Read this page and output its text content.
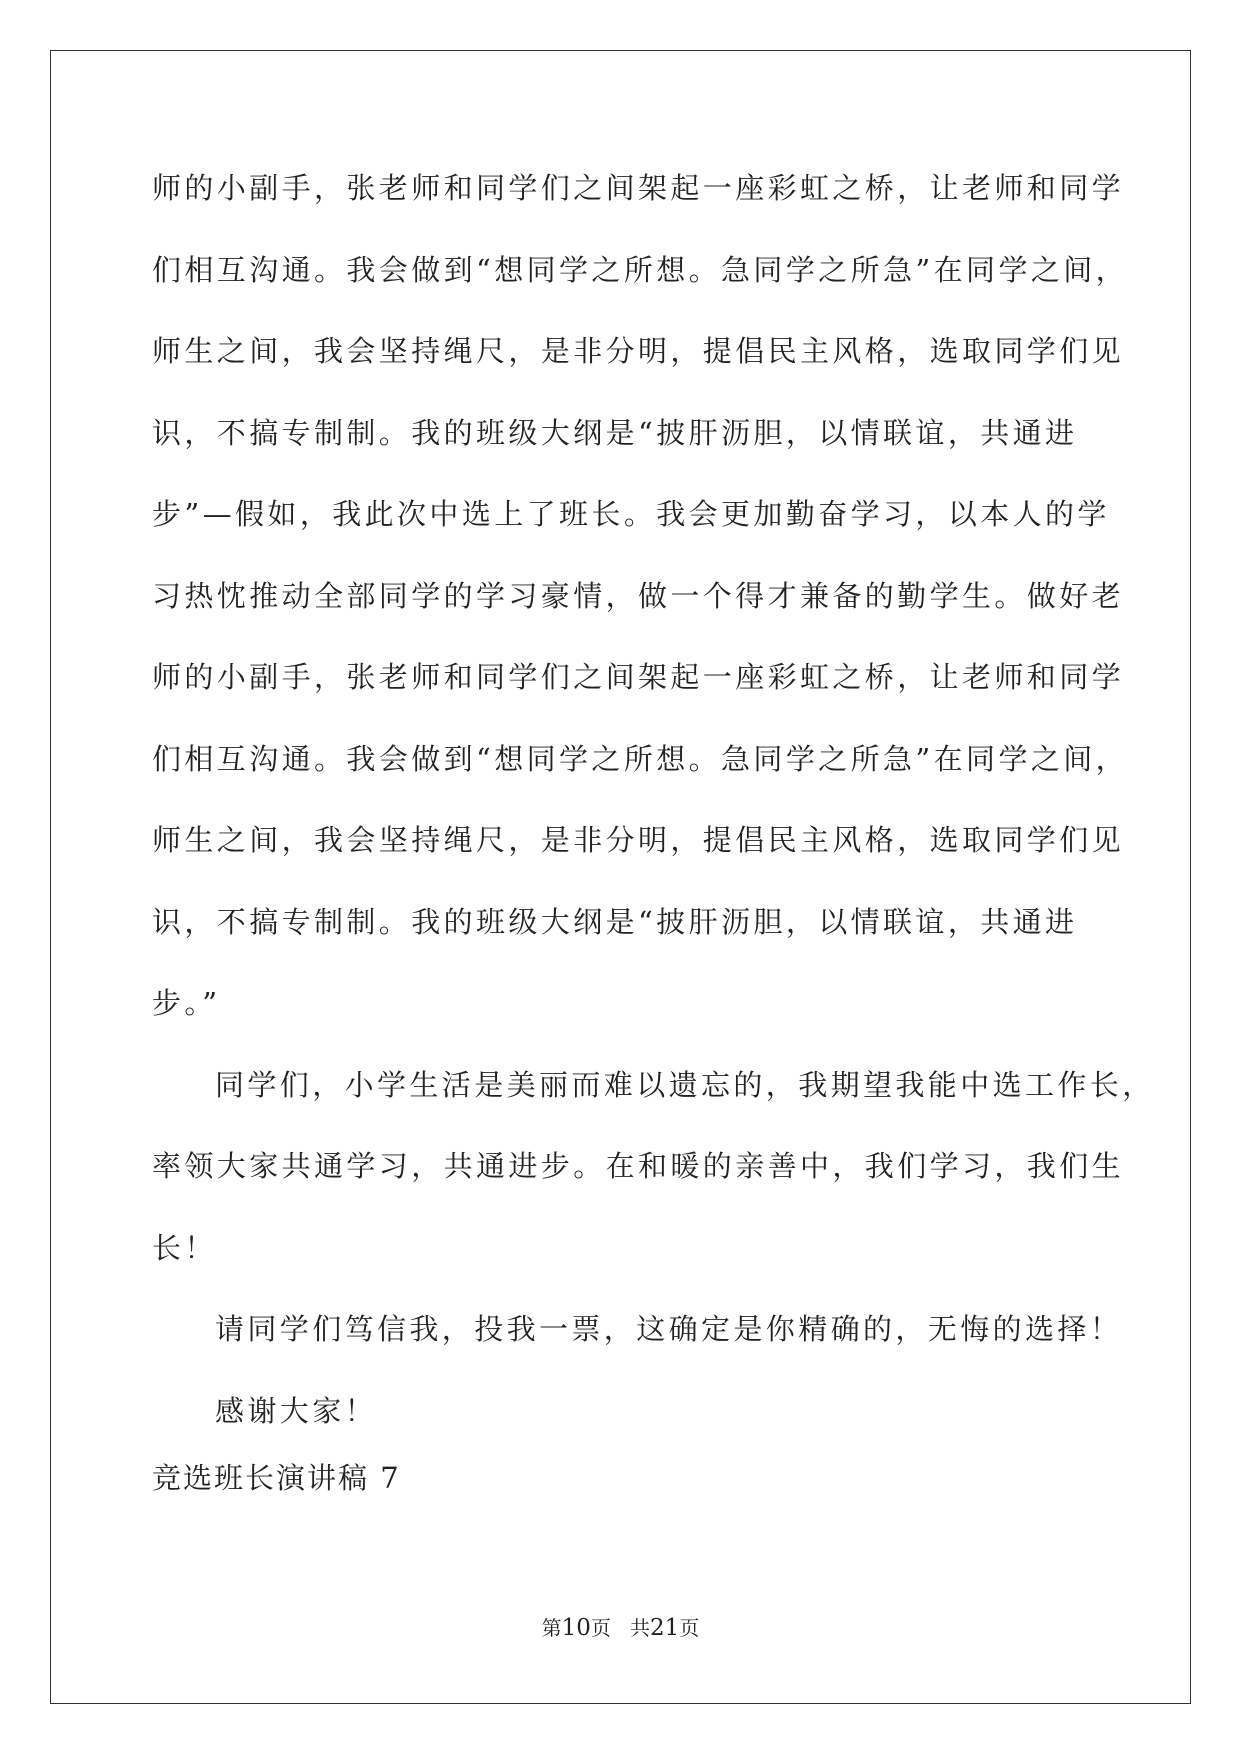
师的小副手，张老师和同学们之间架起一座彩虹之桥，让老师和同学
们相互沟通。我会做到“想同学之所想。急同学之所急”在同学之间，
师生之间，我会坚持绳尺，是非分明，提倡民主风格，选取同学们见
识，不搞专制制。我的班级大纲是“披肝沥胆，以情联谊，共通进
步”—假如，我此次中选上了班长。我会更加勤奋学习，以本人的学
习热忱推动全部同学的学习豪情，做一个得才兼备的勤学生。做好老
师的小副手，张老师和同学们之间架起一座彩虹之桥，让老师和同学
们相互沟通。我会做到“想同学之所想。急同学之所急”在同学之间，
师生之间，我会坚持绳尺，是非分明，提倡民主风格，选取同学们见
识，不搞专制制。我的班级大纲是“披肝沥胆，以情联谊，共通进
步。”
同学们，小学生活是美丽而难以遗忘的，我期望我能中选工作长，
率领大家共通学习，共通进步。在和暖的亲善中，我们学习，我们生
长！
请同学们笃信我，投我一票，这确定是你精确的，无悔的选择！
感谢大家！
竞选班长演讲稿 7
第10页   共21页
